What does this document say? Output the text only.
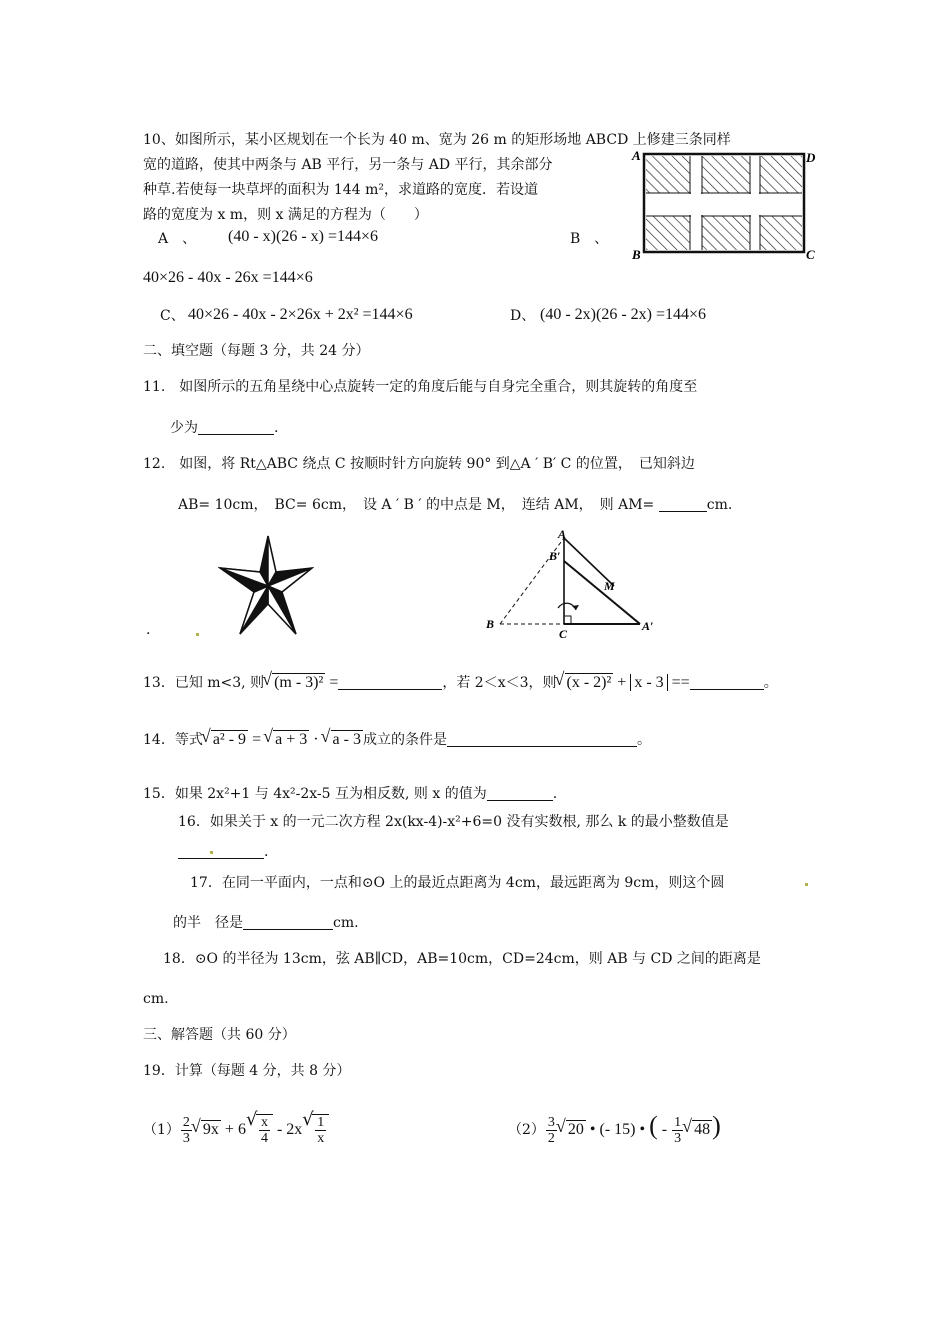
10、如图所示，某小区规划在一个长为 40 m、宽为 26 m 的矩形场地 ABCD 上修建三条同样
宽的道路，使其中两条与 AB 平行，另一条与 AD 平行，其余部分
种草.若使每一块草坪的面积为 144 m²，求道路的宽度．若设道
路的宽度为 x m，则 x 满足的方程为（　　）
A　、 (40 - x)(26 - x) =144×6	B　、
40×26 - 40x - 26x =144×6
C、 40×26 - 40x - 2×26x + 2x² =144×6	D、 (40 - 2x)(26 - 2x) =144×6
A	D
B	C
二、填空题（每题 3 分，共 24 分）
11.　如图所示的五角星绕中心点旋转一定的角度后能与自身完全重合，则其旋转的角度至
少为	.
12.　如图，将 Rt△ABC 绕点 C 按顺时针方向旋转 90° 到△A ′ B′ C 的位置，　已知斜边
AB= 10cm，　BC= 6cm，　设 A ′ B ′ 的中点是 M，　连结 AM，　则 AM=	cm.
A
B′
M
B
C
A′
.
13．已知 m<3, 则 √ (m - 3)² =	，若 2＜x＜3，则 √ (x - 2)² + x - 3 ==	。
14．等式 √ a² - 9 = √ a + 3 · √ a - 3 成立的条件是	。
15．如果 2x²+1 与 4x²-2x-5 互为相反数, 则 x 的值为	.
16．如果关于 x 的一元二次方程 2x(kx-4)-x²+6=0 没有实数根, 那么 k 的最小整数值是
.
17．在同一平面内，一点和⊙O 上的最近点距离为 4cm，最远距离为 9cm，则这个圆
的半　径是	cm.
18．⊙O 的半径为 13cm，弦 AB∥CD，AB=10cm，CD=24cm，则 AB 与 CD 之间的距离是
cm.
三、解答题（共 60 分）
19．计算（每题 4 分，共 8 分）
$(1) \frac{2}{3}$ √ 9x + 6 √ $\frac{x}{4} - 2x$ √ $\frac{1}{x}$	$(2) \frac{3}{2}$ √ 20 • (- 15) • ( - $\frac{1}{3}$ √ 48)
